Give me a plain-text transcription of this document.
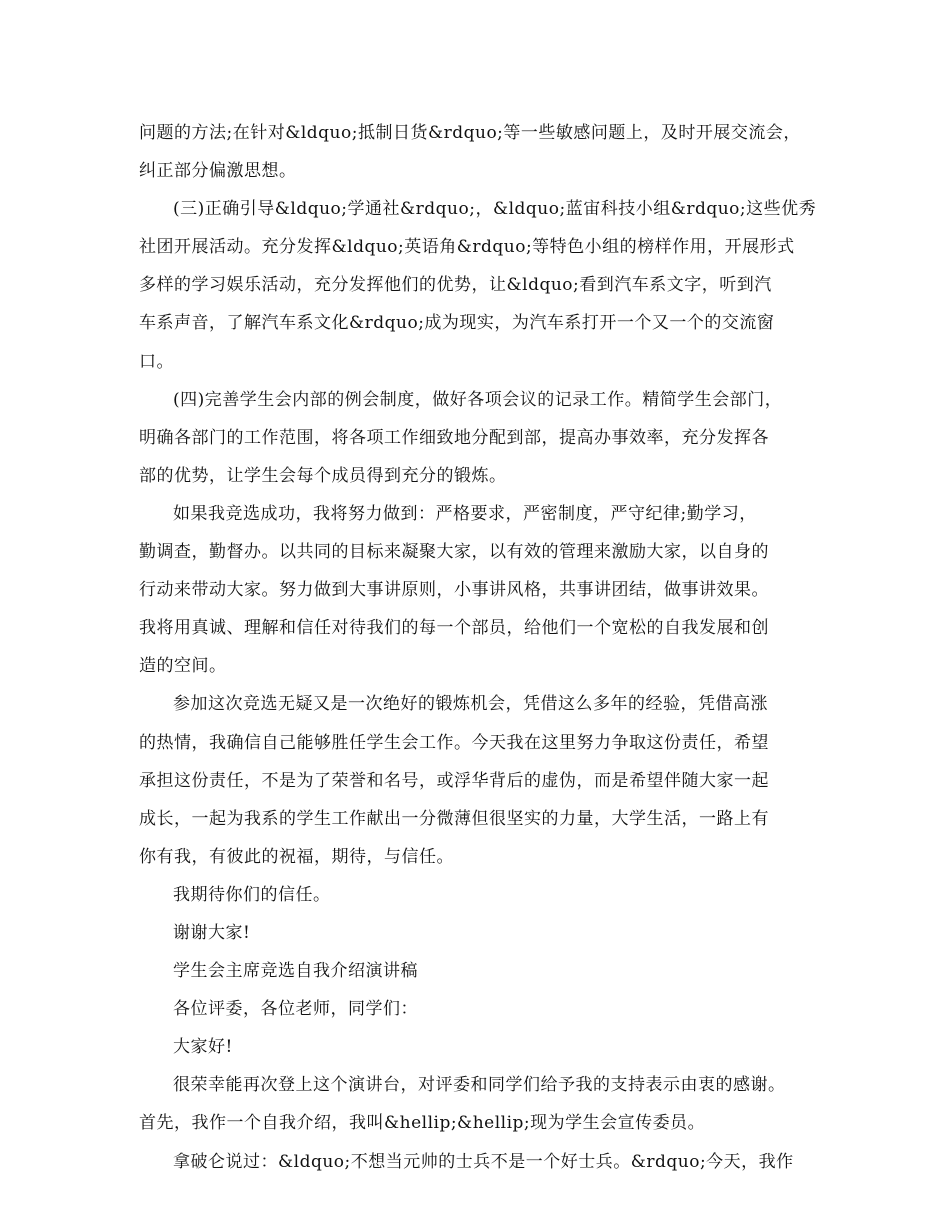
问题的方法;在针对&ldquo;抵制日货&rdquo;等一些敏感问题上，及时开展交流会，
纠正部分偏激思想。
(三)正确引导&ldquo;学通社&rdquo;，&ldquo;蓝宙科技小组&rdquo;这些优秀
社团开展活动。充分发挥&ldquo;英语角&rdquo;等特色小组的榜样作用，开展形式
多样的学习娱乐活动，充分发挥他们的优势，让&ldquo;看到汽车系文字，听到汽
车系声音，了解汽车系文化&rdquo;成为现实，为汽车系打开一个又一个的交流窗
口。
(四)完善学生会内部的例会制度，做好各项会议的记录工作。精简学生会部门，
明确各部门的工作范围，将各项工作细致地分配到部，提高办事效率，充分发挥各
部的优势，让学生会每个成员得到充分的锻炼。
如果我竞选成功，我将努力做到：严格要求，严密制度，严守纪律;勤学习，
勤调查，勤督办。以共同的目标来凝聚大家，以有效的管理来激励大家，以自身的
行动来带动大家。努力做到大事讲原则，小事讲风格，共事讲团结，做事讲效果。
我将用真诚、理解和信任对待我们的每一个部员，给他们一个宽松的自我发展和创
造的空间。
参加这次竞选无疑又是一次绝好的锻炼机会，凭借这么多年的经验，凭借高涨
的热情，我确信自己能够胜任学生会工作。今天我在这里努力争取这份责任，希望
承担这份责任，不是为了荣誉和名号，或浮华背后的虚伪，而是希望伴随大家一起
成长，一起为我系的学生工作献出一分微薄但很坚实的力量，大学生活，一路上有
你有我，有彼此的祝福，期待，与信任。
我期待你们的信任。
谢谢大家!
学生会主席竞选自我介绍演讲稿
各位评委，各位老师，同学们：
大家好!
很荣幸能再次登上这个演讲台，对评委和同学们给予我的支持表示由衷的感谢。
首先，我作一个自我介绍，我叫&hellip;&hellip;现为学生会宣传委员。
拿破仑说过：&ldquo;不想当元帅的士兵不是一个好士兵。&rdquo;今天，我作
